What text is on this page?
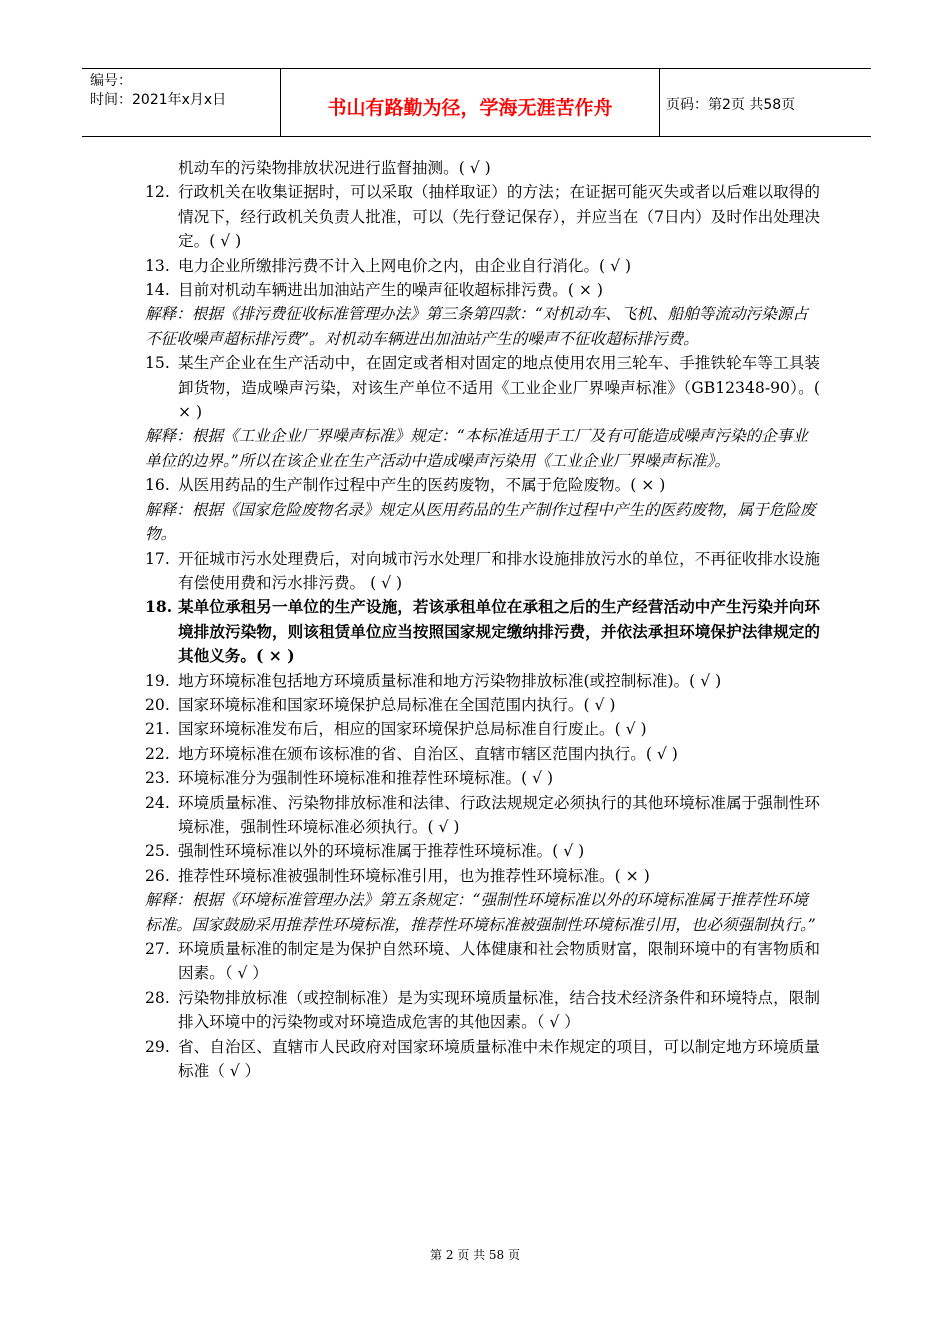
编号：
时间：2021年x月x日	书山有路勤为径，学海无涯苦作舟	页码：第2页 共58页
机动车的污染物排放状况进行监督抽测。( √ )
12. 行政机关在收集证据时，可以采取（抽样取证）的方法；在证据可能灭失或者以后难以取得的情况下，经行政机关负责人批准，可以（先行登记保存），并应当在（7日内）及时作出处理决定。( √ )
13. 电力企业所缴排污费不计入上网电价之内，由企业自行消化。( √ )
14. 目前对机动车辆进出加油站产生的噪声征收超标排污费。( × )
解释：根据《排污费征收标准管理办法》第三条第四款：“对机动车、飞机、船舶等流动污染源占不征收噪声超标排污费”。对机动车辆进出加油站产生的噪声不征收超标排污费。
15. 某生产企业在生产活动中，在固定或者相对固定的地点使用农用三轮车、手推铁轮车等工具装卸货物，造成噪声污染，对该生产单位不适用《工业企业厂界噪声标准》（GB12348-90）。( × )
解释：根据《工业企业厂界噪声标准》规定：“本标准适用于工厂及有可能造成噪声污染的企事业单位的边界。”所以在该企业在生产活动中造成噪声污染用《工业企业厂界噪声标准》。
16. 从医用药品的生产制作过程中产生的医药废物，不属于危险废物。( × )
解释：根据《国家危险废物名录》规定从医用药品的生产制作过程中产生的医药废物，属于危险废物。
17. 开征城市污水处理费后，对向城市污水处理厂和排水设施排放污水的单位，不再征收排水设施有偿使用费和污水排污费。 ( √ )
18. 某单位承租另一单位的生产设施，若该承租单位在承租之后的生产经营活动中产生污染并向环境排放污染物，则该租赁单位应当按照国家规定缴纳排污费，并依法承担环境保护法律规定的其他义务。( × )
19. 地方环境标准包括地方环境质量标准和地方污染物排放标准(或控制标准)。( √ )
20. 国家环境标准和国家环境保护总局标准在全国范围内执行。( √ )
21. 国家环境标准发布后，相应的国家环境保护总局标准自行废止。( √ )
22. 地方环境标准在颁布该标准的省、自治区、直辖市辖区范围内执行。( √ )
23. 环境标准分为强制性环境标准和推荐性环境标准。( √ )
24. 环境质量标准、污染物排放标准和法律、行政法规规定必须执行的其他环境标准属于强制性环境标准，强制性环境标准必须执行。( √ )
25. 强制性环境标准以外的环境标准属于推荐性环境标准。( √ )
26. 推荐性环境标准被强制性环境标准引用，也为推荐性环境标准。( × )
解释：根据《环境标准管理办法》第五条规定：“强制性环境标准以外的环境标准属于推荐性环境标准。国家鼓励采用推荐性环境标准，推荐性环境标准被强制性环境标准引用，也必须强制执行。”
27. 环境质量标准的制定是为保护自然环境、人体健康和社会物质财富，限制环境中的有害物质和因素。（ √ ）
28. 污染物排放标准（或控制标准）是为实现环境质量标准，结合技术经济条件和环境特点，限制排入环境中的污染物或对环境造成危害的其他因素。（ √ ）
29. 省、自治区、直辖市人民政府对国家环境质量标准中未作规定的项目，可以制定地方环境质量标准（ √ ）
第 2 页 共 58 页
